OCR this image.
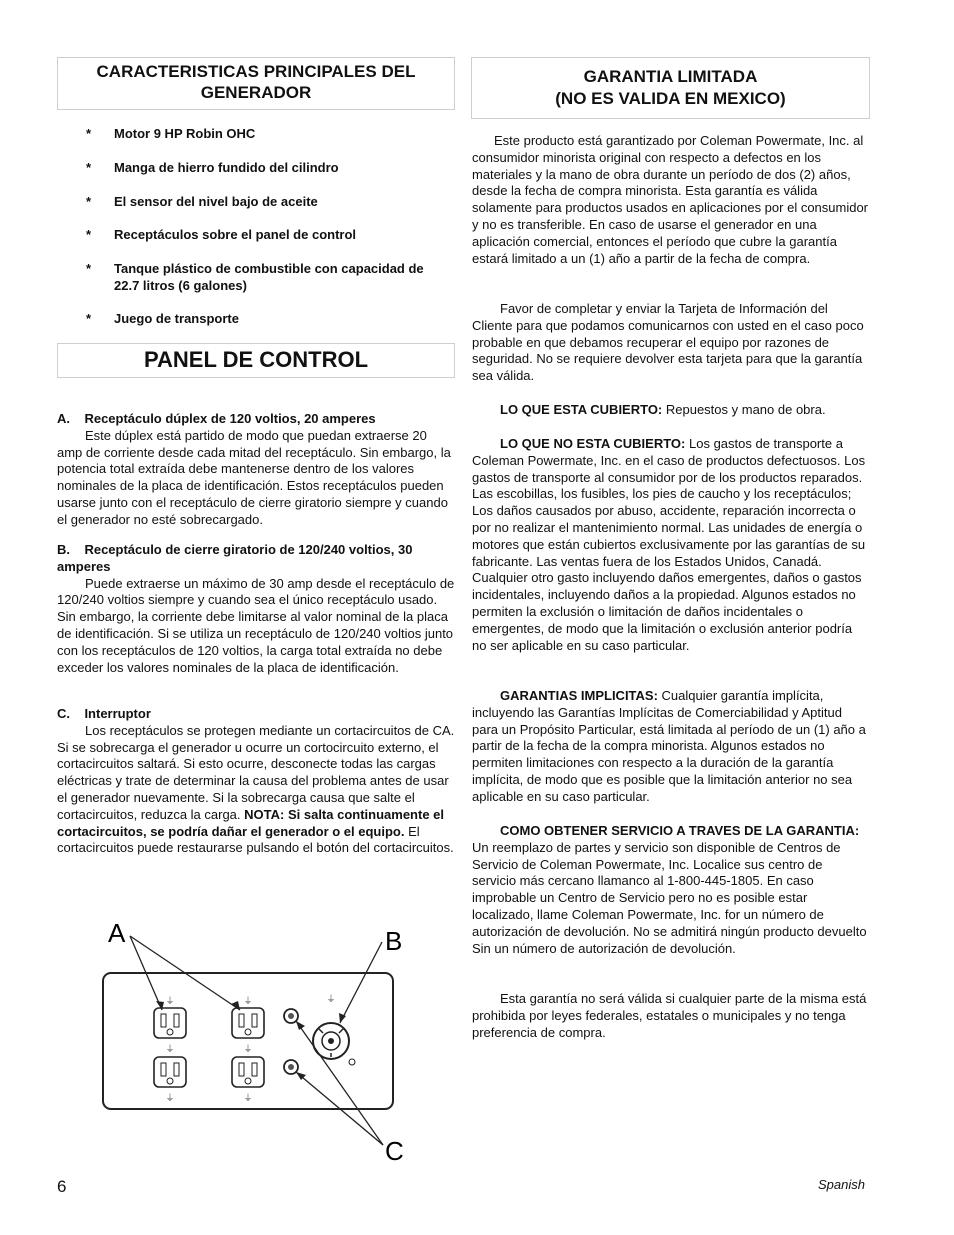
CARACTERISTICAS PRINCIPALES DEL GENERADOR
* Motor 9 HP Robin OHC
* Manga de hierro fundido del cilindro
* El sensor del nivel bajo de aceite
* Receptáculos sobre el panel de control
* Tanque plástico de combustible con capacidad de 22.7 litros (6 galones)
* Juego de transporte
PANEL DE CONTROL
A.    Receptáculo dúplex de 120 voltios, 20 amperes
Este dúplex está partido de modo que puedan extraerse 20 amp de corriente desde cada mitad del receptáculo. Sin embargo, la potencia total extraída debe mantenerse dentro de los valores nominales de la placa de identificación. Estos receptáculos pueden usarse junto con el receptáculo de cierre giratorio siempre y cuando el generador no esté sobrecargado.
B.    Receptáculo de cierre giratorio de 120/240 voltios, 30 amperes
Puede extraerse un máximo de 30 amp desde el receptáculo de 120/240 voltios siempre y cuando sea el único receptáculo usado. Sin embargo, la corriente debe limitarse al valor nominal de la placa de identificación. Si se utiliza un receptáculo de 120/240 voltios junto con los receptáculos de 120 voltios, la carga total extraída no debe exceder los valores nominales de la placa de identificación.
C.    Interruptor
Los receptáculos se protegen mediante un cortacircuitos de CA. Si se sobrecarga el generador u ocurre un cortocircuito externo, el cortacircuitos saltará. Si esto ocurre, desconecte todas las cargas eléctricas y trate de determinar la causa del problema antes de usar el generador nuevamente. Si la sobrecarga causa que salte el cortacircuitos, reduzca la carga. NOTA: Si salta continuamente el cortacircuitos, se podría dañar el generador o el equipo. El cortacircuitos puede restaurarse pulsando el botón del cortacircuitos.
⏚
⏚
⏚
⏚
⏚	⏚
⏚
A	B
C
GARANTIA LIMITADA
(NO ES VALIDA EN MEXICO)
Este producto está garantizado por Coleman Powermate, Inc. al consumidor minorista original con respecto a defectos en los materiales y la mano de obra durante un período de dos (2) años, desde la fecha de compra minorista. Esta garantía es válida solamente para productos usados en aplicaciones por el consumidor y no es transferible. En caso de usarse el generador en una aplicación comercial, entonces el período que cubre la garantía estará limitado a un (1) año a partir de la fecha de compra.
Favor de completar y enviar la Tarjeta de Información del Cliente para que podamos comunicarnos con usted en el caso poco probable en que debamos recuperar el equipo por razones de seguridad. No se requiere devolver esta tarjeta para que la garantía sea válida.
LO QUE ESTA CUBIERTO: Repuestos y mano de obra.
LO QUE NO ESTA CUBIERTO: Los gastos de transporte a Coleman Powermate, Inc. en el caso de productos defectuosos. Los gastos de transporte al consumidor por de los productos reparados. Las escobillas, los fusibles, los pies de caucho y los receptáculos; Los daños causados por abuso, accidente, reparación incorrecta o por no realizar el mantenimiento normal. Las unidades de energía o motores que están cubiertos exclusivamente por las garantías de su fabricante. Las ventas fuera de los Estados Unidos, Canadá. Cualquier otro gasto incluyendo daños emergentes, daños o gastos incidentales, incluyendo daños a la propiedad. Algunos estados no permiten la exclusión o limitación de daños incidentales o emergentes, de modo que la limitación o exclusión anterior podría no ser aplicable en su caso particular.
GARANTIAS IMPLICITAS: Cualquier garantía implícita, incluyendo las Garantías Implícitas de Comerciabilidad y Aptitud para un Propósito Particular, está limitada al período de un (1) año a partir de la fecha de la compra minorista. Algunos estados no permiten limitaciones con respecto a la duración de la garantía implícita, de modo que es posible que la limitación anterior no sea aplicable en su caso particular.
COMO OBTENER SERVICIO A TRAVES DE LA GARANTIA: Un reemplazo de partes y servicio son disponible de Centros de Servicio de Coleman Powermate, Inc. Localice sus centro de servicio más cercano llamanco al 1-800-445-1805. En caso improbable un Centro de Servicio pero no es posible estar localizado, llame Coleman Powermate, Inc. for un número de autorización de devolución. No se admitirá ningún producto devuelto Sin un número de autorización de devolución.
Esta garantía no será válida si cualquier parte de la misma está prohibida por leyes federales, estatales o municipales y no tenga preferencia de compra.
6	Spanish
